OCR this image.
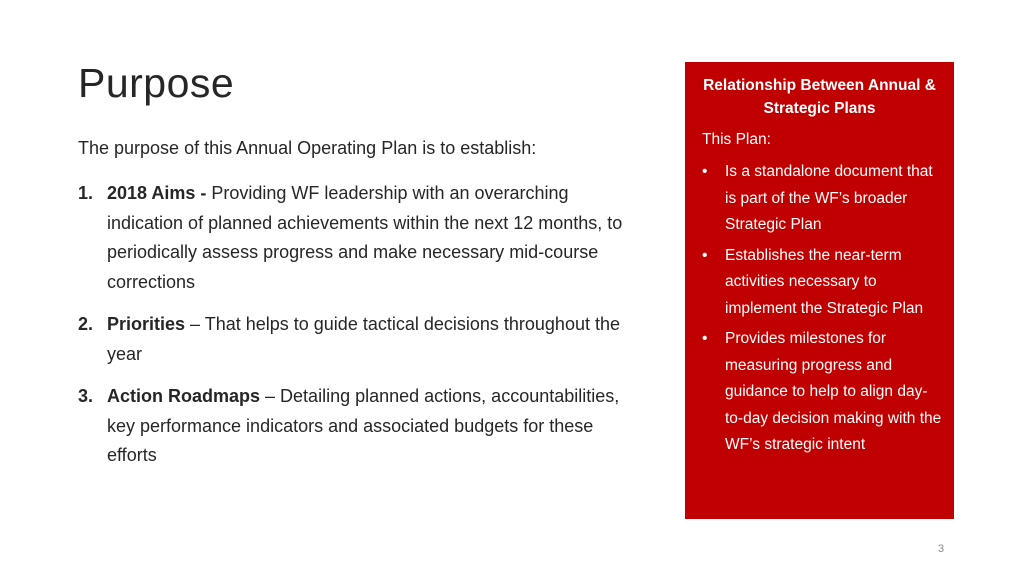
Purpose
The purpose of this Annual Operating Plan is to establish:
1. 2018 Aims - Providing WF leadership with an overarching indication of planned achievements within the next 12 months, to periodically assess progress and make necessary mid-course corrections
2. Priorities – That helps to guide tactical decisions throughout the year
3. Action Roadmaps – Detailing planned actions, accountabilities, key performance indicators and associated budgets for these efforts
Relationship Between Annual & Strategic Plans
This Plan:
• Is a standalone document that is part of the WF’s broader Strategic Plan
• Establishes the near-term activities necessary to implement the Strategic Plan
• Provides milestones for measuring progress and guidance to help to align day-to-day decision making with the WF’s strategic intent
3
